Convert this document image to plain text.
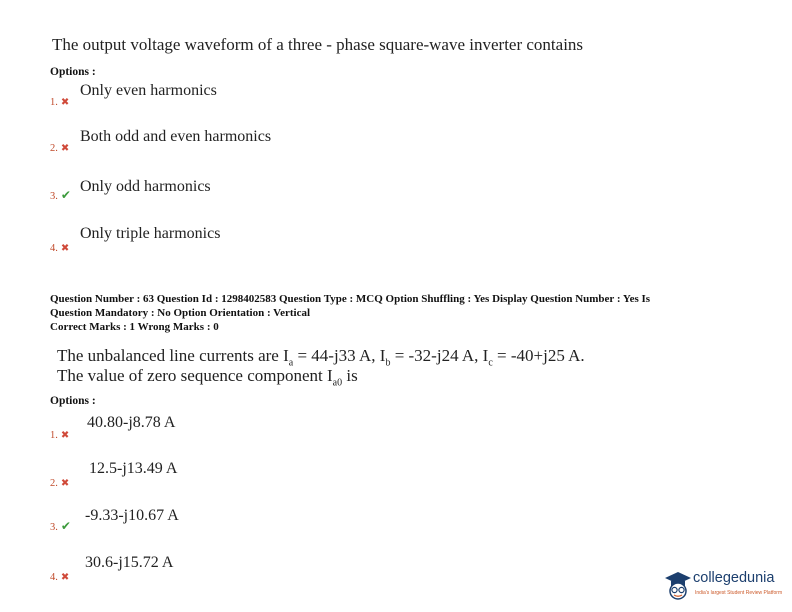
The output voltage waveform of a three - phase square-wave inverter contains
Options :
1. ✖
Only even harmonics
2. ✖
Both odd and even harmonics
3. ✔ Only odd harmonics
4. ✖
Only triple harmonics
Question Number : 63 Question Id : 1298402583 Question Type : MCQ Option Shuffling : Yes Display Question Number : Yes Is
Question Mandatory : No Option Orientation : Vertical
Correct Marks : 1 Wrong Marks : 0
The unbalanced line currents are $I_a = 44-j33$ A, $I_b = -32-j24$ A, $I_c = -40+j25$ A.
The value of zero sequence component $I_{a0}$ is
Options :
1. ✖
40.80-j8.78 A
2. ✖
12.5-j13.49 A
3. ✔
-9.33-j10.67 A
4. ✖
30.6-j15.72 A
collegedunia
India's largest Student Review Platform
